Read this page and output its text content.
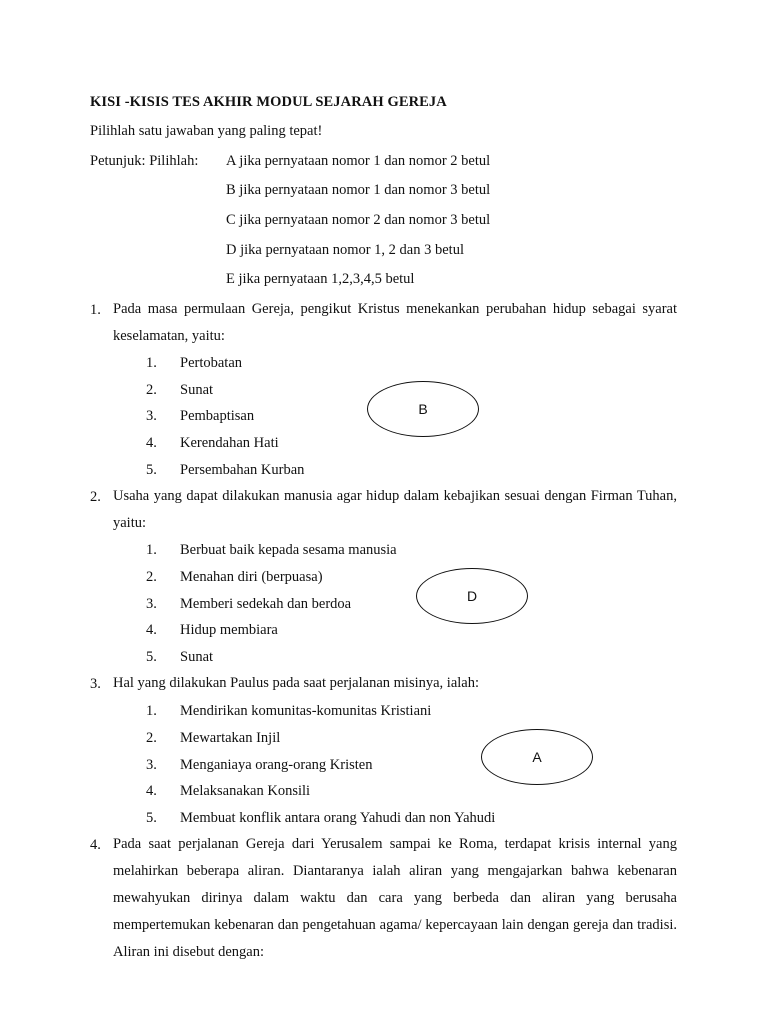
KISI -KISIS TES AKHIR MODUL SEJARAH GEREJA
Pilihlah satu jawaban yang paling tepat!
Petunjuk: Pilihlah: A jika pernyataan nomor 1 dan nomor 2 betul
B jika pernyataan nomor 1 dan nomor 3 betul
C jika pernyataan nomor 2 dan nomor 3 betul
D jika pernyataan nomor 1, 2 dan 3 betul
E jika pernyataan 1,2,3,4,5 betul
1. Pada masa permulaan Gereja, pengikut Kristus menekankan perubahan hidup sebagai syarat keselamatan, yaitu:
1. Pertobatan
2. Sunat
3. Pembaptisan
4. Kerendahan Hati
5. Persembahan Kurban
B
2. Usaha yang dapat dilakukan manusia agar hidup dalam kebajikan sesuai dengan Firman Tuhan, yaitu:
1. Berbuat baik kepada sesama manusia
2. Menahan diri (berpuasa)
3. Memberi sedekah dan berdoa
4. Hidup membiara
5. Sunat
D
3. Hal yang dilakukan Paulus pada saat perjalanan misinya, ialah:
1. Mendirikan komunitas-komunitas Kristiani
2. Mewartakan Injil
3. Menganiaya orang-orang Kristen
4. Melaksanakan Konsili
5. Membuat konflik antara orang Yahudi dan non Yahudi
A
4. Pada saat perjalanan Gereja dari Yerusalem sampai ke Roma, terdapat krisis internal yang melahirkan beberapa aliran. Diantaranya ialah aliran yang mengajarkan bahwa kebenaran mewahyukan dirinya dalam waktu dan cara yang berbeda dan aliran yang berusaha mempertemukan kebenaran dan pengetahuan agama/ kepercayaan lain dengan gereja dan tradisi. Aliran ini disebut dengan:
